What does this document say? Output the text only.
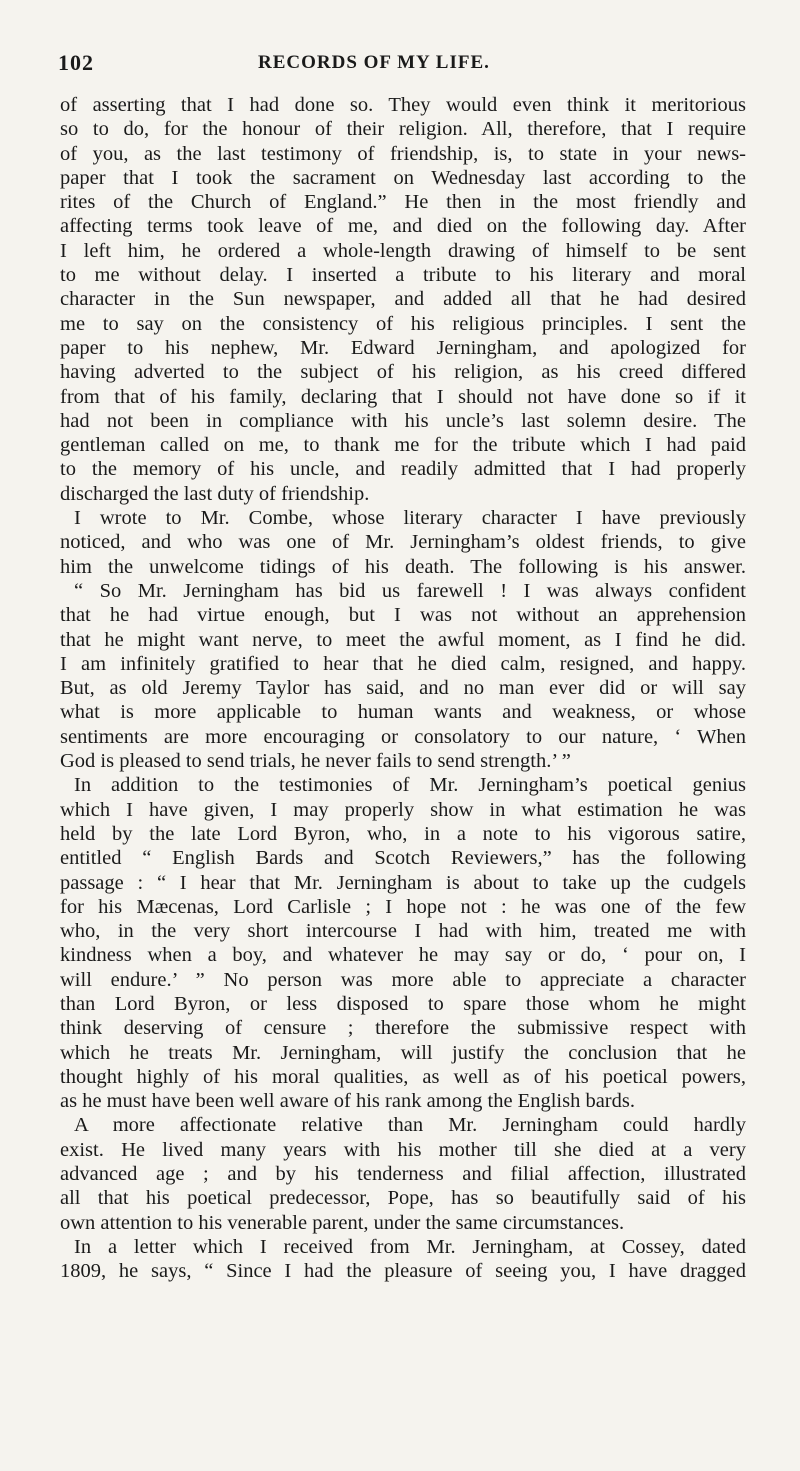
102	RECORDS OF MY LIFE.
of asserting that I had done so. They would even think it meritorious
so to do, for the honour of their religion. All, therefore, that I require
of you, as the last testimony of friendship, is, to state in your news-
paper that I took the sacrament on Wednesday last according to the
rites of the Church of England.” He then in the most friendly and
affecting terms took leave of me, and died on the following day. After
I left him, he ordered a whole-length drawing of himself to be sent
to me without delay. I inserted a tribute to his literary and moral
character in the Sun newspaper, and added all that he had desired
me to say on the consistency of his religious principles. I sent the
paper to his nephew, Mr. Edward Jerningham, and apologized for
having adverted to the subject of his religion, as his creed differed
from that of his family, declaring that I should not have done so if it
had not been in compliance with his uncle’s last solemn desire. The
gentleman called on me, to thank me for the tribute which I had paid
to the memory of his uncle, and readily admitted that I had properly
discharged the last duty of friendship.
I wrote to Mr. Combe, whose literary character I have previously
noticed, and who was one of Mr. Jerningham’s oldest friends, to give
him the unwelcome tidings of his death. The following is his answer.
“ So Mr. Jerningham has bid us farewell ! I was always confident
that he had virtue enough, but I was not without an apprehension
that he might want nerve, to meet the awful moment, as I find he did.
I am infinitely gratified to hear that he died calm, resigned, and happy.
But, as old Jeremy Taylor has said, and no man ever did or will say
what is more applicable to human wants and weakness, or whose
sentiments are more encouraging or consolatory to our nature, ‘ When
God is pleased to send trials, he never fails to send strength.’ ”
In addition to the testimonies of Mr. Jerningham’s poetical genius
which I have given, I may properly show in what estimation he was
held by the late Lord Byron, who, in a note to his vigorous satire,
entitled “ English Bards and Scotch Reviewers,” has the following
passage : “ I hear that Mr. Jerningham is about to take up the cudgels
for his Mæcenas, Lord Carlisle ; I hope not : he was one of the few
who, in the very short intercourse I had with him, treated me with
kindness when a boy, and whatever he may say or do, ‘ pour on, I
will endure.’ ” No person was more able to appreciate a character
than Lord Byron, or less disposed to spare those whom he might
think deserving of censure ; therefore the submissive respect with
which he treats Mr. Jerningham, will justify the conclusion that he
thought highly of his moral qualities, as well as of his poetical powers,
as he must have been well aware of his rank among the English bards.
A more affectionate relative than Mr. Jerningham could hardly
exist. He lived many years with his mother till she died at a very
advanced age ; and by his tenderness and filial affection, illustrated
all that his poetical predecessor, Pope, has so beautifully said of his
own attention to his venerable parent, under the same circumstances.
In a letter which I received from Mr. Jerningham, at Cossey, dated
1809, he says, “ Since I had the pleasure of seeing you, I have dragged
